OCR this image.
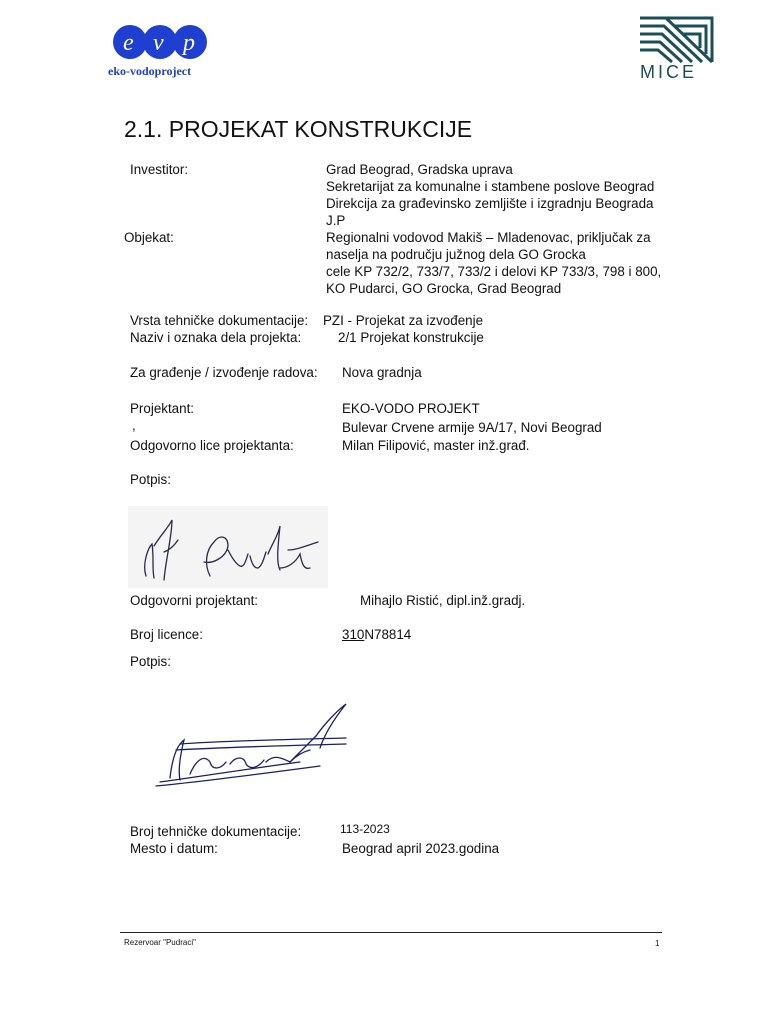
e v p
eko-vodoproject	MICE
2.1. PROJEKAT KONSTRUKCIJE
Investitor:	Grad Beograd, Gradska uprava
Sekretarijat za komunalne i stambene poslove Beograd
Direkcija za građevinsko zemljište i izgradnju Beograda
J.P
Objekat:	Regionalni vodovod Makiš – Mladenovac, priključak za
naselja na području južnog dela GO Grocka
cele KP 732/2, 733/7, 733/2 i delovi KP 733/3, 798 i 800,
KO Pudarci, GO Grocka, Grad Beograd
Vrsta tehničke dokumentacije: PZI - Projekat za izvođenje
Naziv i oznaka dela projekta:	2/1 Projekat konstrukcije
Za građenje / izvođenje radova: Nova gradnja
Projektant:	EKO-VODO PROJEKT
,	Bulevar Crvene armije 9A/17, Novi Beograd
Odgovorno lice projektanta:	Milan Filipović, master inž.građ.
Potpis:
Odgovorni projektant:	Mihajlo Ristić, dipl.inž.gradj.
Broj licence:	310N78814
Potpis:
Broj tehničke dokumentacije:	113-2023
Mesto i datum:	Beograd april 2023.godina
Rezervoar "Pudraci"	1
